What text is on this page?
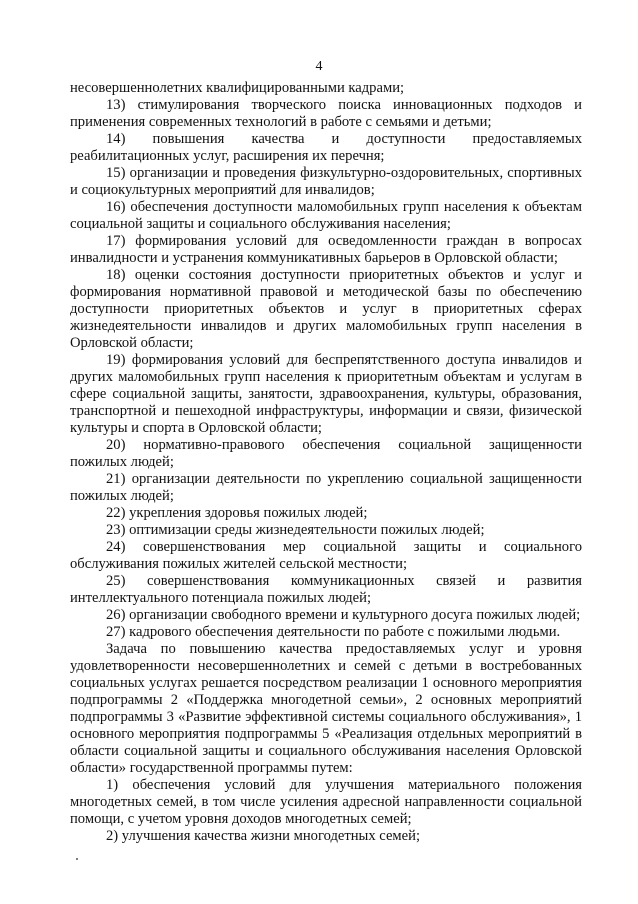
4

несовершеннолетних квалифицированными кадрами;

13) стимулирования творческого поиска инновационных подходов и применения современных технологий в работе с семьями и детьми;

14) повышения качества и доступности предоставляемых реабилитационных услуг, расширения их перечня;

15) организации и проведения физкультурно-оздоровительных, спортивных и социокультурных мероприятий для инвалидов;

16) обеспечения доступности маломобильных групп населения к объектам социальной защиты и социального обслуживания населения;

17) формирования условий для осведомленности граждан в вопросах инвалидности и устранения коммуникативных барьеров в Орловской области;

18) оценки состояния доступности приоритетных объектов и услуг и формирования нормативной правовой и методической базы по обеспечению доступности приоритетных объектов и услуг в приоритетных сферах жизнедеятельности инвалидов и других маломобильных групп населения в Орловской области;

19) формирования условий для беспрепятственного доступа инвалидов и других маломобильных групп населения к приоритетным объектам и услугам в сфере социальной защиты, занятости, здравоохранения, культуры, образования, транспортной и пешеходной инфраструктуры, информации и связи, физической культуры и спорта в Орловской области;

20) нормативно-правового обеспечения социальной защищенности пожилых людей;

21) организации деятельности по укреплению социальной защищенности пожилых людей;

22) укрепления здоровья пожилых людей;

23) оптимизации среды жизнедеятельности пожилых людей;

24) совершенствования мер социальной защиты и социального обслуживания пожилых жителей сельской местности;

25) совершенствования коммуникационных связей и развития интеллектуального потенциала пожилых людей;

26) организации свободного времени и культурного досуга пожилых людей;

27) кадрового обеспечения деятельности по работе с пожилыми людьми.

Задача по повышению качества предоставляемых услуг и уровня удовлетворенности несовершеннолетних и семей с детьми в востребованных социальных услугах решается посредством реализации 1 основного мероприятия подпрограммы 2 «Поддержка многодетной семьи», 2 основных мероприятий подпрограммы 3 «Развитие эффективной системы социального обслуживания», 1 основного мероприятия подпрограммы 5 «Реализация отдельных мероприятий в области социальной защиты и социального обслуживания населения Орловской области» государственной программы путем:

1) обеспечения условий для улучшения материального положения многодетных семей, в том числе усиления адресной направленности социальной помощи, с учетом уровня доходов многодетных семей;

2) улучшения качества жизни многодетных семей;
